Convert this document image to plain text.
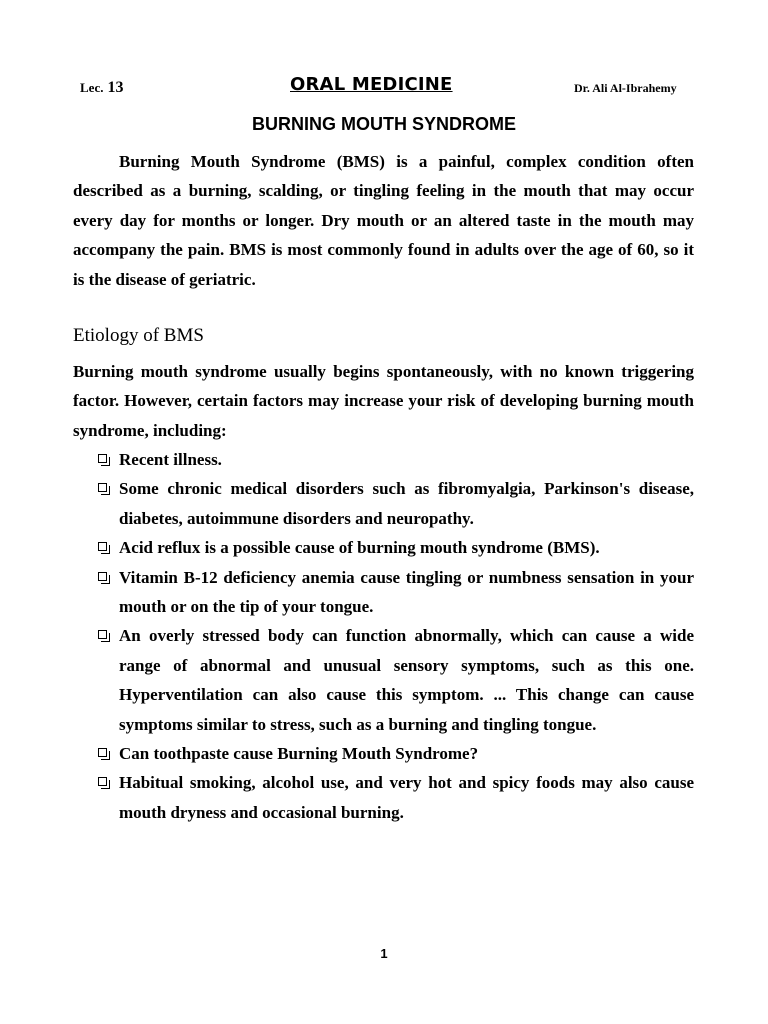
Lec. 13	ORAL MEDICINE	Dr. Ali Al-Ibrahemy
BURNING MOUTH SYNDROME

Burning Mouth Syndrome (BMS) is a painful, complex condition often described as a burning, scalding, or tingling feeling in the mouth that may occur every day for months or longer. Dry mouth or an altered taste in the mouth may accompany the pain. BMS is most commonly found in adults over the age of 60, so it is the disease of geriatric.

Etiology of BMS

Burning mouth syndrome usually begins spontaneously, with no known triggering factor. However, certain factors may increase your risk of developing burning mouth syndrome, including:

Recent illness.
Some chronic medical disorders such as fibromyalgia, Parkinson's disease, diabetes, autoimmune disorders and neuropathy.
Acid reflux is a possible cause of burning mouth syndrome (BMS).
Vitamin B-12 deficiency anemia cause tingling or numbness sensation in your mouth or on the tip of your tongue.
An overly stressed body can function abnormally, which can cause a wide range of abnormal and unusual sensory symptoms, such as this one. Hyperventilation can also cause this symptom. ... This change can cause symptoms similar to stress, such as a burning and tingling tongue.
Can toothpaste cause Burning Mouth Syndrome?
Habitual smoking, alcohol use, and very hot and spicy foods may also cause mouth dryness and occasional burning.
1
